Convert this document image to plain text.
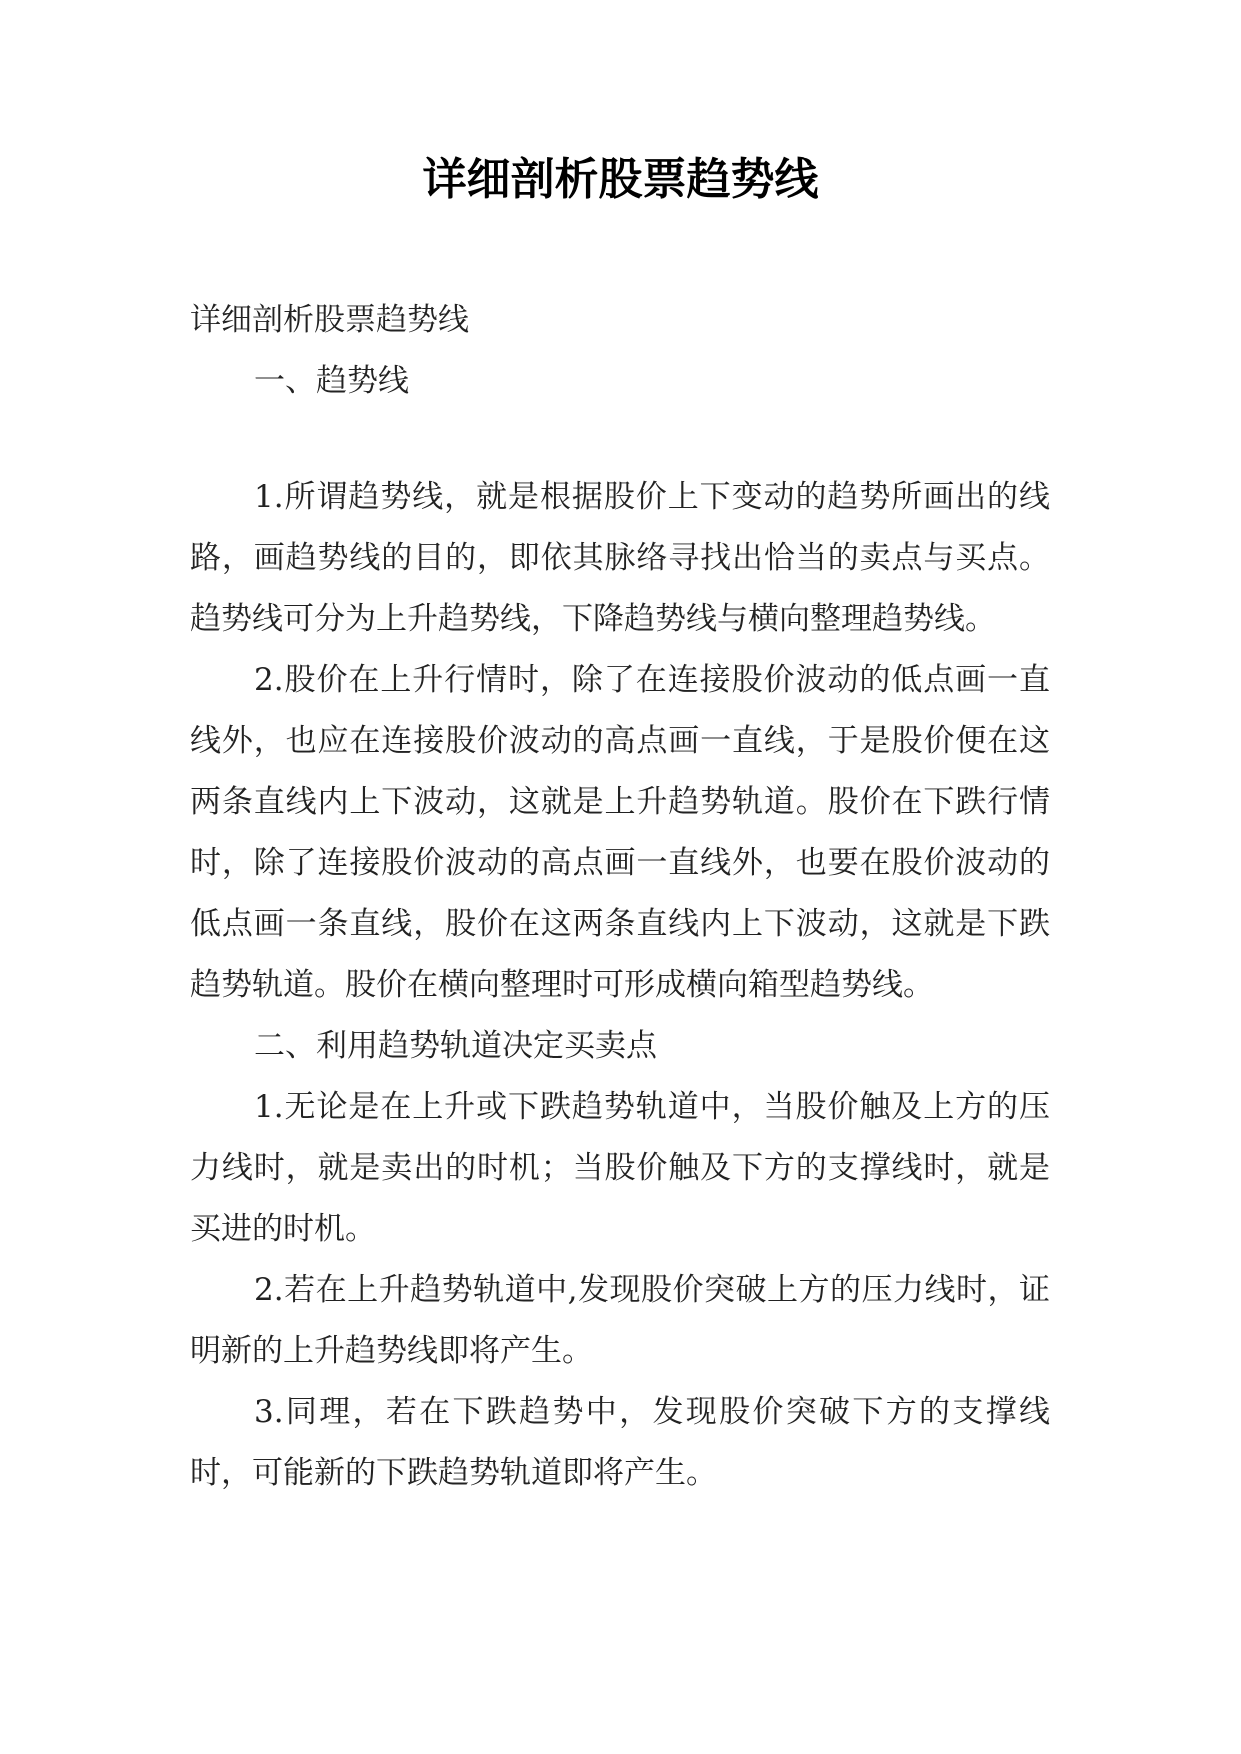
详细剖析股票趋势线

详细剖析股票趋势线

一、趋势线

1.所谓趋势线，就是根据股价上下变动的趋势所画出的线路，画趋势线的目的，即依其脉络寻找出恰当的卖点与买点。趋势线可分为上升趋势线，下降趋势线与横向整理趋势线。

2.股价在上升行情时，除了在连接股价波动的低点画一直线外，也应在连接股价波动的高点画一直线，于是股价便在这两条直线内上下波动，这就是上升趋势轨道。股价在下跌行情时，除了连接股价波动的高点画一直线外，也要在股价波动的低点画一条直线，股价在这两条直线内上下波动，这就是下跌趋势轨道。股价在横向整理时可形成横向箱型趋势线。

二、利用趋势轨道决定买卖点

1.无论是在上升或下跌趋势轨道中，当股价触及上方的压力线时，就是卖出的时机；当股价触及下方的支撑线时，就是买进的时机。

2.若在上升趋势轨道中,发现股价突破上方的压力线时，证明新的上升趋势线即将产生。

3.同理，若在下跌趋势中，发现股价突破下方的支撑线时，可能新的下跌趋势轨道即将产生。
